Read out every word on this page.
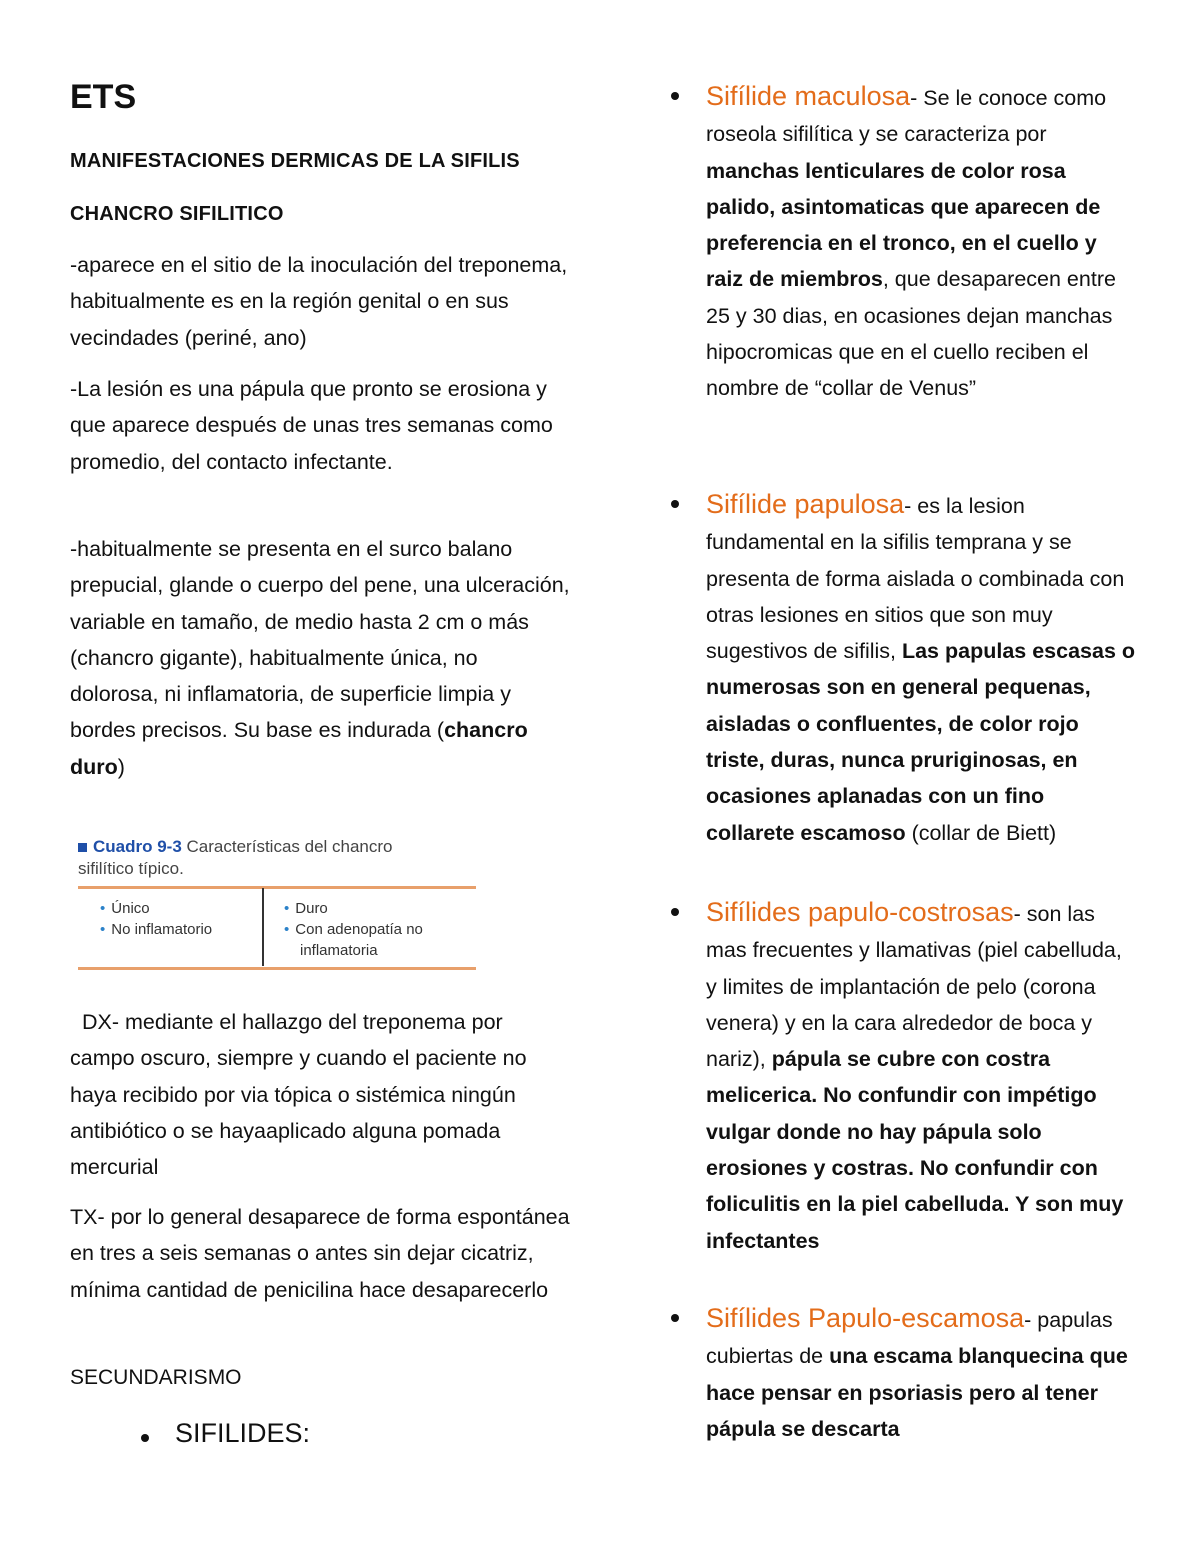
ETS

MANIFESTACIONES DERMICAS DE LA SIFILIS

CHANCRO SIFILITICO

-aparece en el sitio de la inoculación del treponema, habitualmente es en la región genital o en sus vecindades (periné, ano)

-La lesión es una pápula que pronto se erosiona y que aparece después de unas tres semanas como promedio, del contacto infectante.

-habitualmente se presenta en el surco balano prepucial, glande o cuerpo del pene, una ulceración, variable en tamaño, de medio hasta 2 cm o más (chancro gigante), habitualmente única, no dolorosa, ni inflamatoria, de superficie limpia y bordes precisos. Su base es indurada (chancro duro)

Cuadro 9-3 Características del chancro
sifilítico típico.
• Único
• No inflamatorio
• Duro
• Con adenopatía no
inflamatoria

DX- mediante el hallazgo del treponema por campo oscuro, siempre y cuando el paciente no haya recibido por via tópica o sistémica ningún antibiótico o se hayaaplicado alguna pomada mercurial

TX- por lo general desaparece de forma espontánea en tres a seis semanas o antes sin dejar cicatriz, mínima cantidad de penicilina hace desaparecerlo

SECUNDARISMO

SIFILIDES:

Sifílide maculosa- Se le conoce como roseola sifilítica y se caracteriza por manchas lenticulares de color rosa palido, asintomaticas que aparecen de preferencia en el tronco, en el cuello y raiz de miembros, que desaparecen entre 25 y 30 dias, en ocasiones dejan manchas hipocromicas que en el cuello reciben el nombre de “collar de Venus”

Sifílide papulosa- es la lesion fundamental en la sifilis temprana y se presenta de forma aislada o combinada con otras lesiones en sitios que son muy sugestivos de sifilis, Las papulas escasas o numerosas son en general pequenas, aisladas o confluentes, de color rojo triste, duras, nunca pruriginosas, en ocasiones aplanadas con un fino collarete escamoso (collar de Biett)

Sifílides papulo-costrosas- son las mas frecuentes y llamativas (piel cabelluda, y limites de implantación de pelo (corona venera) y en la cara alrededor de boca y nariz), pápula se cubre con costra melicerica. No confundir con impétigo vulgar donde no hay pápula solo erosiones y costras. No confundir con foliculitis en la piel cabelluda. Y son muy infectantes

Sifílides Papulo-escamosa- papulas cubiertas de una escama blanquecina que hace pensar en psoriasis pero al tener pápula se descarta
